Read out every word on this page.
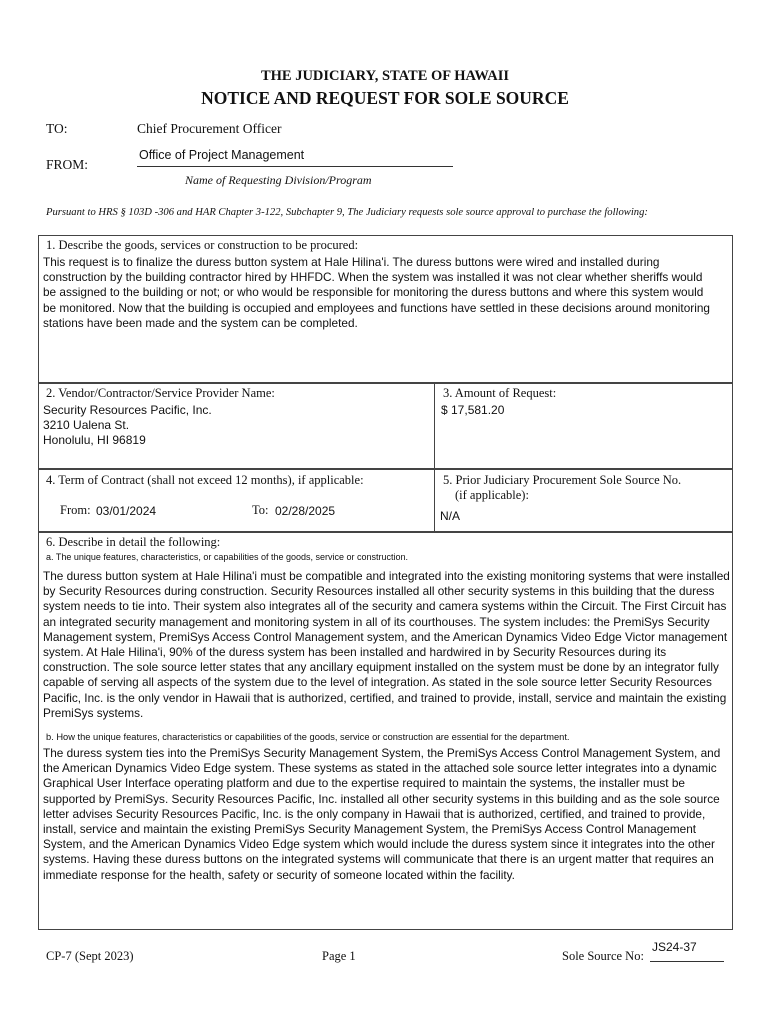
THE JUDICIARY, STATE OF HAWAII
NOTICE AND REQUEST FOR SOLE SOURCE
TO:	Chief Procurement Officer
FROM:
Office of Project Management
Name of Requesting Division/Program
Pursuant to HRS § 103D -306 and HAR Chapter 3-122, Subchapter 9, The Judiciary requests sole source approval to purchase the following:
1. Describe the goods, services or construction to be procured:
This request is to finalize the duress button system at Hale Hilina'i. The duress buttons were wired and installed during construction by the building contractor hired by HHFDC. When the system was installed it was not clear whether sheriffs would be assigned to the building or not; or who would be responsible for monitoring the duress buttons and where this system would be monitored. Now that the building is occupied and employees and functions have settled in these decisions around monitoring stations have been made and the system can be completed.
2. Vendor/Contractor/Service Provider Name:
Security Resources Pacific, Inc.
3210 Ualena St.
Honolulu, HI 96819
3. Amount of Request:
$ 17,581.20
4. Term of Contract (shall not exceed 12 months), if applicable:
From: 03/01/2024	To: 02/28/2025
5. Prior Judiciary Procurement Sole Source No.
(if applicable):
N/A
6. Describe in detail the following:
a. The unique features, characteristics, or capabilities of the goods, service or construction.
The duress button system at Hale Hilina'i must be compatible and integrated into the existing monitoring systems that were installed by Security Resources during construction. Security Resources installed all other security systems in this building that the duress system needs to tie into. Their system also integrates all of the security and camera systems within the Circuit. The First Circuit has an integrated security management and monitoring system in all of its courthouses. The system includes: the PremiSys Security Management system, PremiSys Access Control Management system, and the American Dynamics Video Edge Victor management system. At Hale Hilina'i, 90% of the duress system has been installed and hardwired in by Security Resources during its construction. The sole source letter states that any ancillary equipment installed on the system must be done by an integrator fully capable of serving all aspects of the system due to the level of integration. As stated in the sole source letter Security Resources Pacific, Inc. is the only vendor in Hawaii that is authorized, certified, and trained to provide, install, service and maintain the existing PremiSys systems.
b. How the unique features, characteristics or capabilities of the goods, service or construction are essential for the department.
The duress system ties into the PremiSys Security Management System, the PremiSys Access Control Management System, and the American Dynamics Video Edge system. These systems as stated in the attached sole source letter integrates into a dynamic Graphical User Interface operating platform and due to the expertise required to maintain the systems, the installer must be supported by PremiSys. Security Resources Pacific, Inc. installed all other security systems in this building and as the sole source letter advises Security Resources Pacific, Inc. is the only company in Hawaii that is authorized, certified, and trained to provide, install, service and maintain the existing PremiSys Security Management System, the PremiSys Access Control Management System, and the American Dynamics Video Edge system which would include the duress system since it integrates into the other systems. Having these duress buttons on the integrated systems will communicate that there is an urgent matter that requires an immediate response for the health, safety or security of someone located within the facility.
CP-7 (Sept 2023)	Page 1	Sole Source No:
JS24-37
